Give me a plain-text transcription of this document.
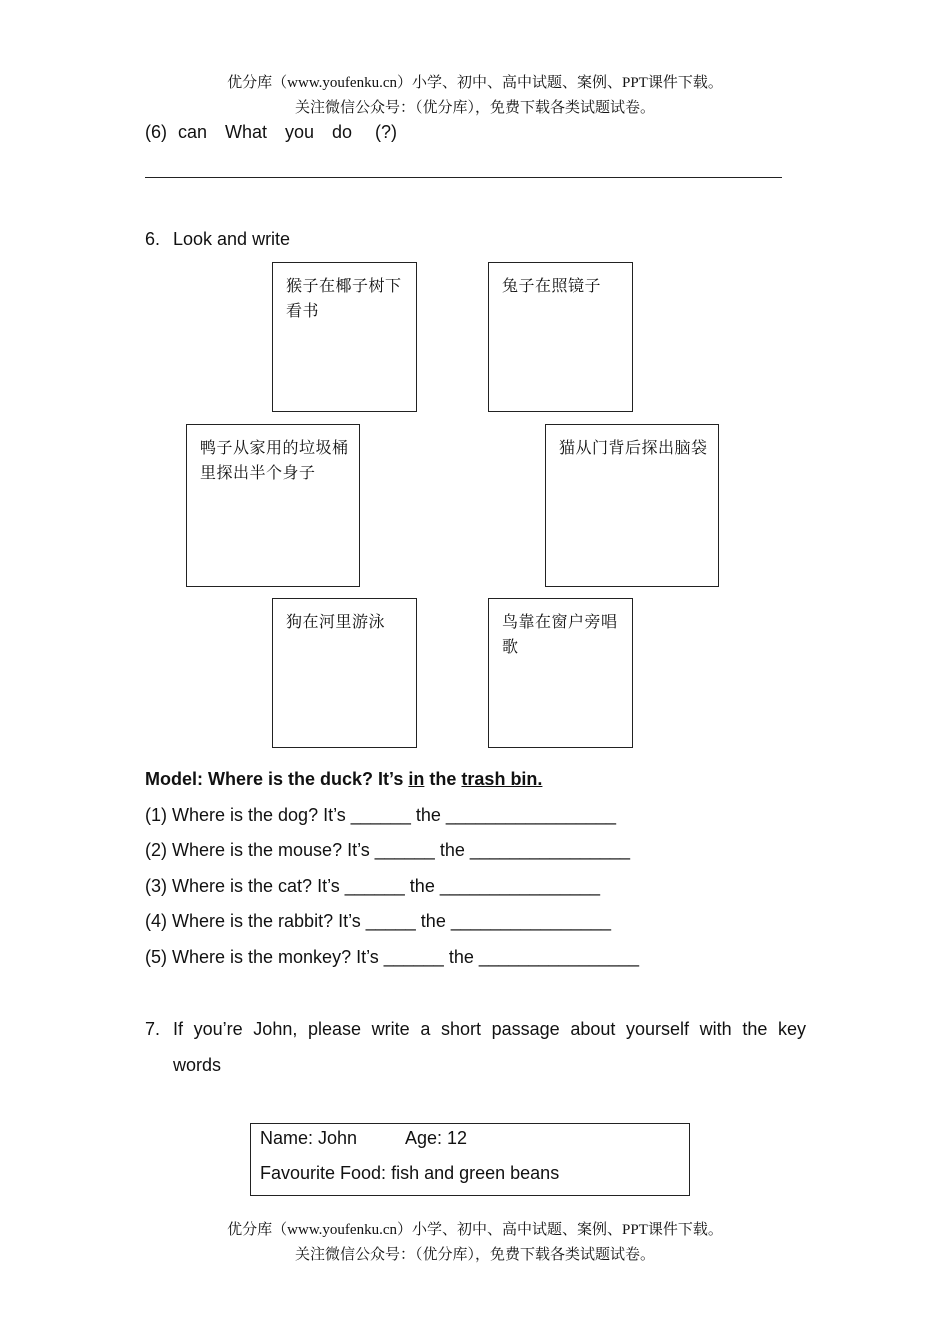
优分库（www.youfenku.cn）小学、初中、高中试题、案例、PPT课件下载。
关注微信公众号：（优分库），免费下载各类试题试卷。
(6) can What you do (?)
6. Look and write
猴子在椰子树下看书
兔子在照镜子
鸭子从家用的垃圾桶里探出半个身子
猫从门背后探出脑袋
狗在河里游泳	鸟靠在窗户旁唱歌
Model: Where is the duck? It’s in the trash bin.
(1) Where is the dog? It’s ______ the _________________
(2) Where is the mouse? It’s ______ the ________________
(3) Where is the cat? It’s ______ the ________________
(4) Where is the rabbit? It’s _____ the ________________
(5) Where is the monkey? It’s ______ the ________________
7. If you’re John, please write a short passage about yourself with the key
words
Name: John	Age: 12
Favourite Food: fish and green beans
优分库（www.youfenku.cn）小学、初中、高中试题、案例、PPT课件下载。
关注微信公众号：（优分库），免费下载各类试题试卷。
